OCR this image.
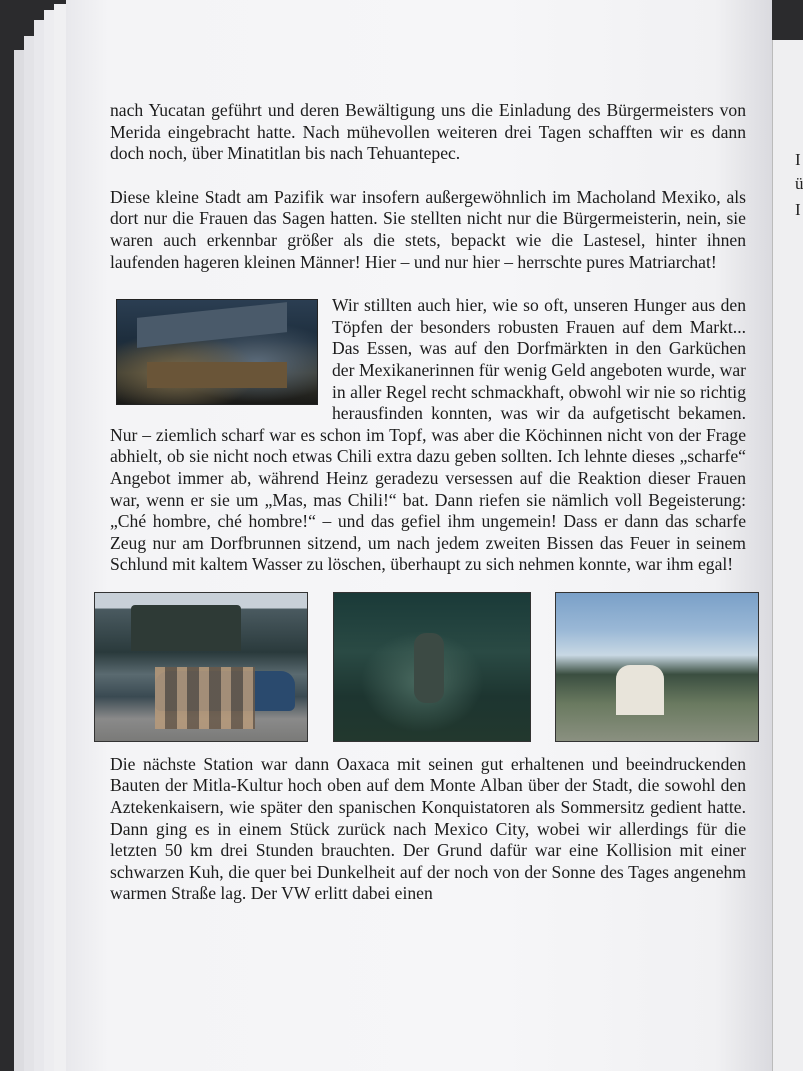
I
ü
I

nach Yucatan geführt und deren Bewältigung uns die Einladung des Bürgermeisters von Merida eingebracht hatte. Nach mühevollen weiteren drei Tagen schafften wir es dann doch noch, über Minatitlan bis nach Tehuantepec.

Diese kleine Stadt am Pazifik war insofern außergewöhnlich im Macholand Mexiko, als dort nur die Frauen das Sagen hatten. Sie stellten nicht nur die Bürgermeisterin, nein, sie waren auch erkennbar größer als die stets, bepackt wie die Lastesel, hinter ihnen laufenden hageren kleinen Männer! Hier – und nur hier – herrschte pures Matriarchat!

Wir stillten auch hier, wie so oft, unseren Hunger aus den Töpfen der besonders robusten Frauen auf dem Markt... Das Essen, was auf den Dorfmärkten in den Garküchen der Mexikanerinnen für wenig Geld angeboten wurde, war in aller Regel recht schmackhaft, obwohl wir nie so richtig herausfinden konnten, was wir da aufgetischt bekamen. Nur – ziemlich scharf war es schon im Topf, was aber die Köchinnen nicht von der Frage abhielt, ob sie nicht noch etwas Chili extra dazu geben sollten. Ich lehnte dieses „scharfe“ Angebot immer ab, während Heinz geradezu versessen auf die Reaktion dieser Frauen war, wenn er sie um „Mas, mas Chili!“ bat. Dann riefen sie nämlich voll Begeisterung: „Ché hombre, ché hombre!“ – und das gefiel ihm ungemein! Dass er dann das scharfe Zeug nur am Dorfbrunnen sitzend, um nach jedem zweiten Bissen das Feuer in seinem Schlund mit kaltem Wasser zu löschen, überhaupt zu sich nehmen konnte, war ihm egal!

Die nächste Station war dann Oaxaca mit seinen gut erhaltenen und beeindruckenden Bauten der Mitla-Kultur hoch oben auf dem Monte Alban über der Stadt, die sowohl den Aztekenkaisern, wie später den spanischen Konquistatoren als Sommersitz gedient hatte. Dann ging es in einem Stück zurück nach Mexico City, wobei wir allerdings für die letzten 50 km drei Stunden brauchten. Der Grund dafür war eine Kollision mit einer schwarzen Kuh, die quer bei Dunkelheit auf der noch von der Sonne des Tages angenehm warmen Straße lag. Der VW erlitt dabei einen
